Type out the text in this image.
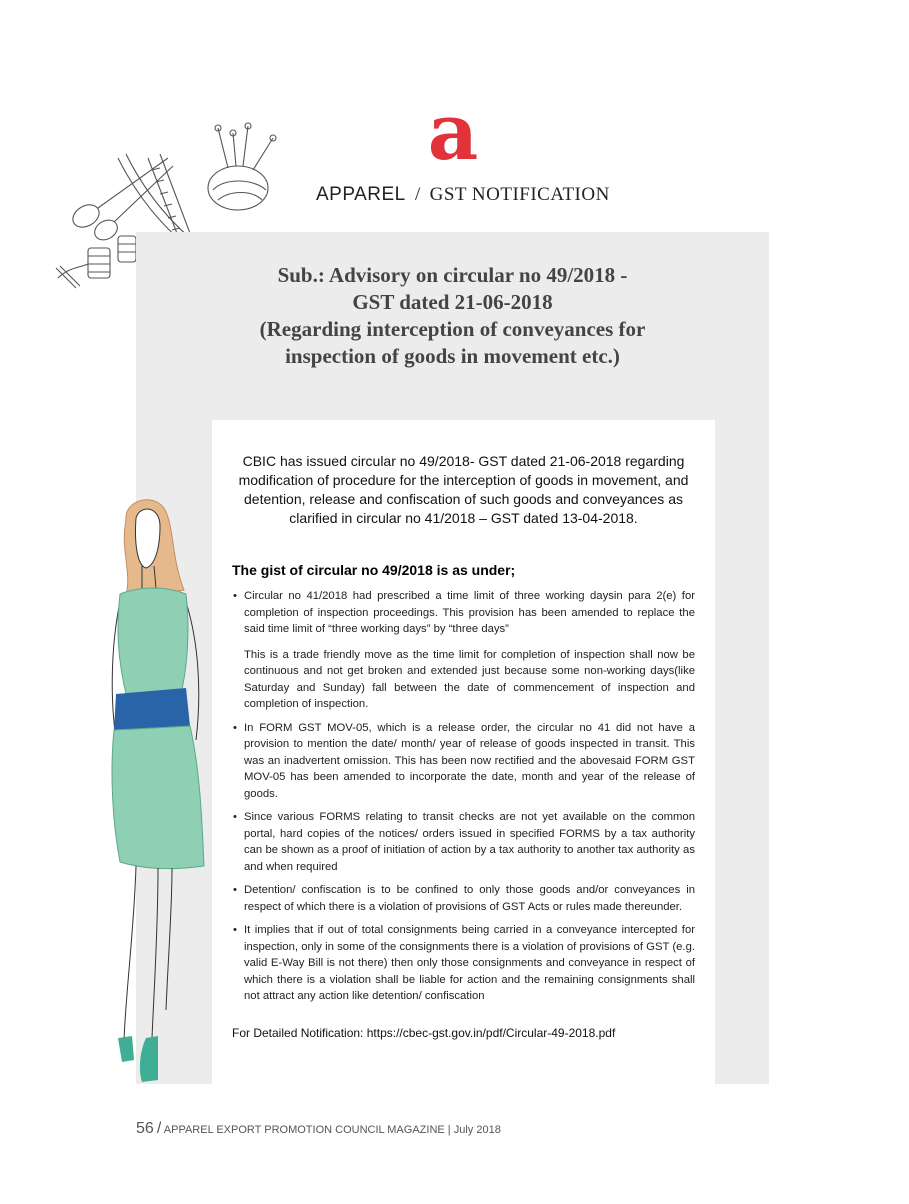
a
APPAREL / GST NOTIFICATION
Sub.: Advisory on circular no 49/2018 -
GST dated 21-06-2018
(Regarding interception of conveyances for
inspection of goods in movement etc.)
CBIC has issued circular no 49/2018- GST dated 21-06-2018 regarding modification of procedure for the interception of goods in movement, and detention, release and confiscation of such goods and conveyances as clarified in circular no 41/2018 – GST dated 13-04-2018.
The gist of circular no 49/2018 is as under;
• Circular no 41/2018 had prescribed a time limit of three working daysin para 2(e) for completion of inspection proceedings. This provision has been amended to replace the said time limit of “three working days” by “three days”

This is a trade friendly move as the time limit for completion of inspection shall now be continuous and not get broken and extended just because some non-working days(like Saturday and Sunday) fall between the date of commencement of inspection and completion of inspection.

• In FORM GST MOV-05, which is a release order, the circular no 41 did not have a provision to mention the date/ month/ year of release of goods inspected in transit. This was an inadvertent omission. This has been now rectified and the abovesaid FORM GST MOV-05 has been amended to incorporate the date, month and year of the release of goods.

• Since various FORMS relating to transit checks are not yet available on the common portal, hard copies of the notices/ orders issued in specified FORMS by a tax authority can be shown as a proof of initiation of action by a tax authority to another tax authority as and when required

• Detention/ confiscation is to be confined to only those goods and/or conveyances in respect of which there is a violation of provisions of GST Acts or rules made thereunder.

• It implies that if out of total consignments being carried in a conveyance intercepted for inspection, only in some of the consignments there is a violation of provisions of GST (e.g. valid E-Way Bill is not there) then only those consignments and conveyance in respect of which there is a violation shall be liable for action and the remaining consignments shall not attract any action like detention/ confiscation

For Detailed Notification: https://cbec-gst.gov.in/pdf/Circular-49-2018.pdf
56 / APPAREL EXPORT PROMOTION COUNCIL MAGAZINE | July 2018
